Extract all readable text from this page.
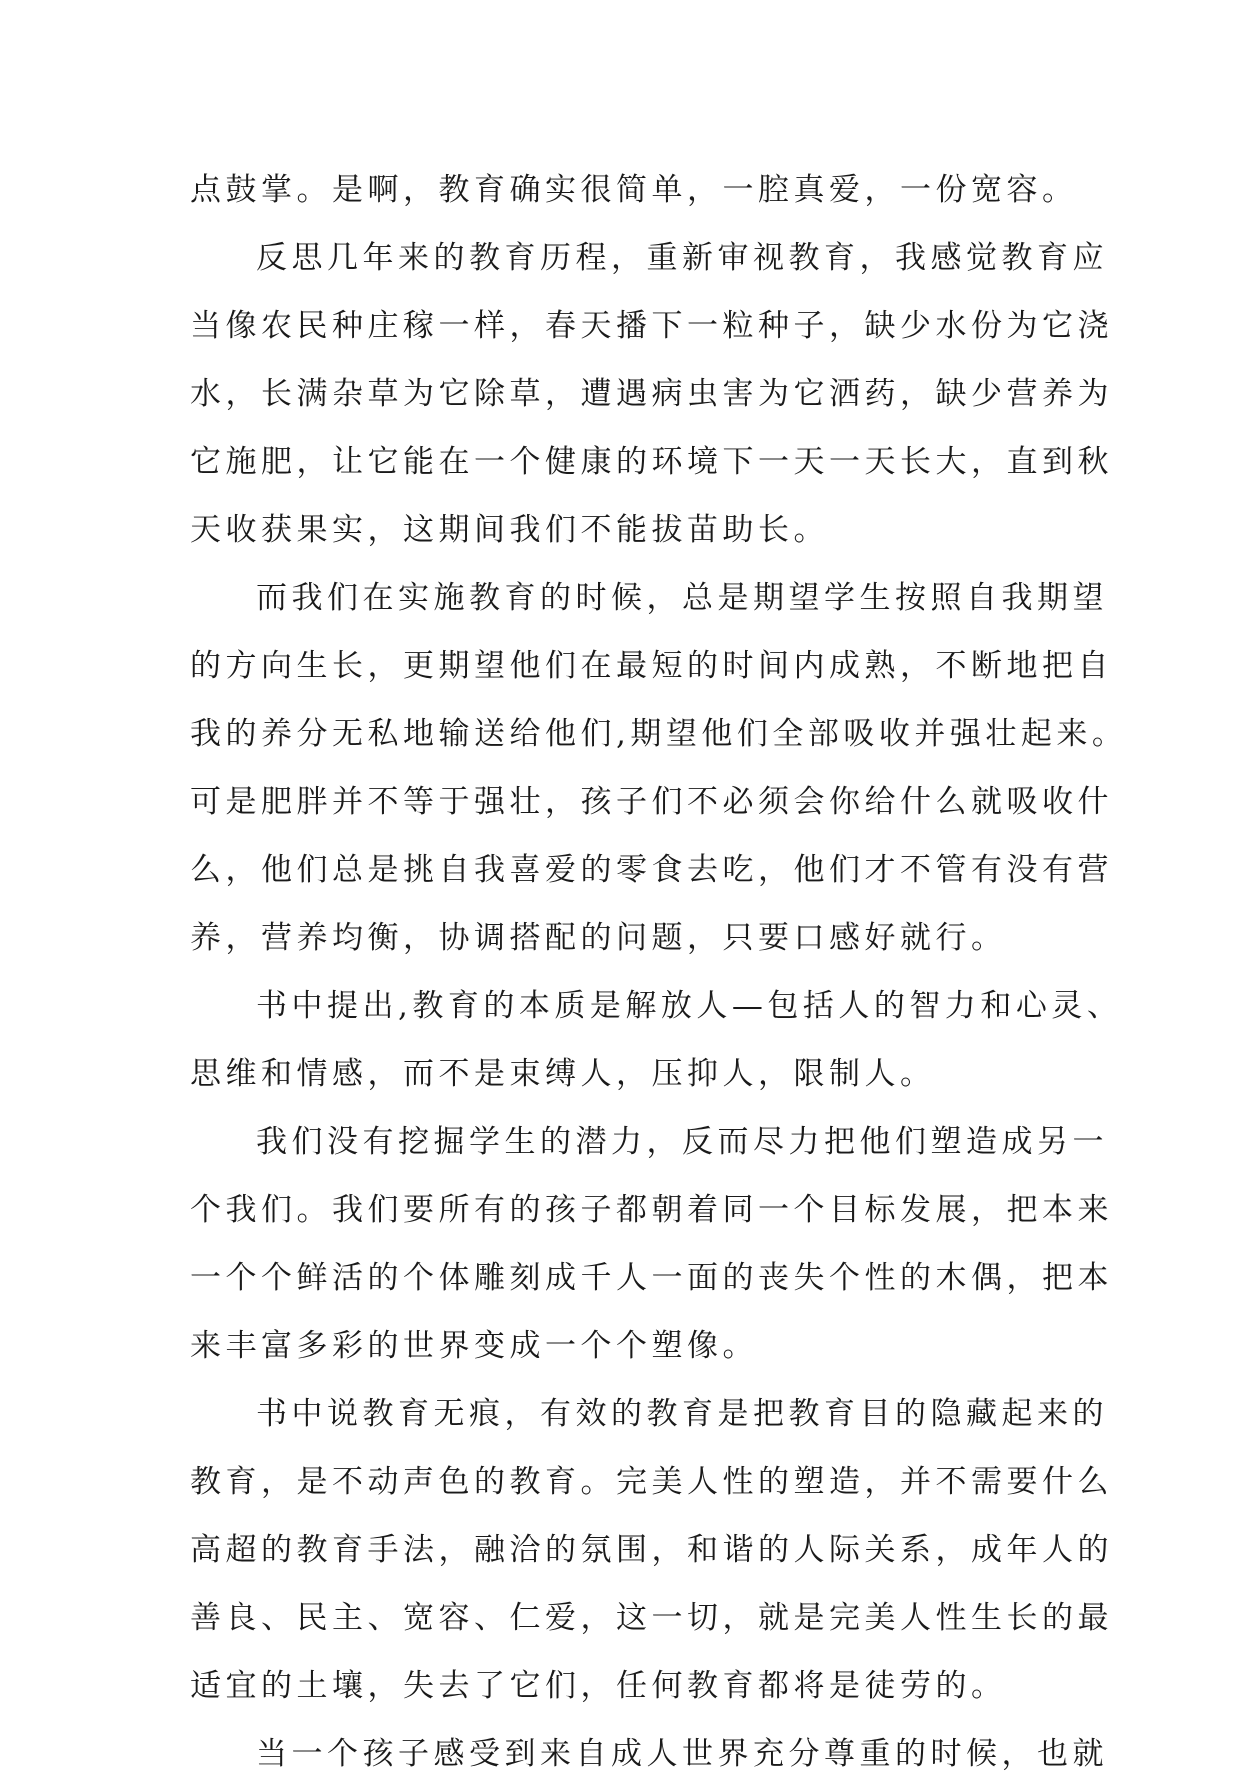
点鼓掌。是啊，教育确实很简单，一腔真爱，一份宽容。
反思几年来的教育历程，重新审视教育，我感觉教育应
当像农民种庄稼一样，春天播下一粒种子，缺少水份为它浇
水，长满杂草为它除草，遭遇病虫害为它洒药，缺少营养为
它施肥，让它能在一个健康的环境下一天一天长大，直到秋
天收获果实，这期间我们不能拔苗助长。
而我们在实施教育的时候，总是期望学生按照自我期望
的方向生长，更期望他们在最短的时间内成熟，不断地把自
我的养分无私地输送给他们,期望他们全部吸收并强壮起来。
可是肥胖并不等于强壮，孩子们不必须会你给什么就吸收什
么，他们总是挑自我喜爱的零食去吃，他们才不管有没有营
养，营养均衡，协调搭配的问题，只要口感好就行。
书中提出,教育的本质是解放人—包括人的智力和心灵、
思维和情感，而不是束缚人，压抑人，限制人。
我们没有挖掘学生的潜力，反而尽力把他们塑造成另一
个我们。我们要所有的孩子都朝着同一个目标发展，把本来
一个个鲜活的个体雕刻成千人一面的丧失个性的木偶，把本
来丰富多彩的世界变成一个个塑像。
书中说教育无痕，有效的教育是把教育目的隐藏起来的
教育，是不动声色的教育。完美人性的塑造，并不需要什么
高超的教育手法，融洽的氛围，和谐的人际关系，成年人的
善良、民主、宽容、仁爱，这一切，就是完美人性生长的最
适宜的土壤，失去了它们，任何教育都将是徒劳的。
当一个孩子感受到来自成人世界充分尊重的时候，也就
